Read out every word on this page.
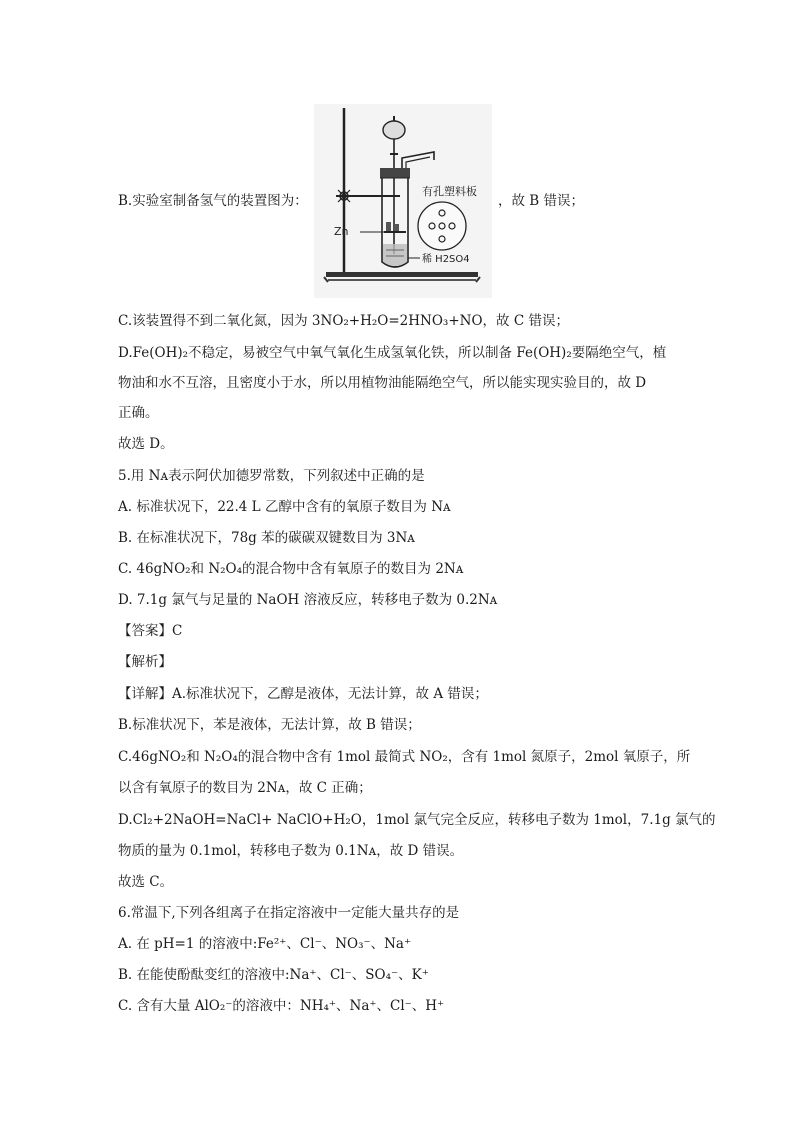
B.实验室制备氢气的装置图为：	，故 B 错误；
有孔塑料板
Zn
稀 H2SO4
C.该装置得不到二氧化氮，因为 3NO₂+H₂O=2HNO₃+NO，故 C 错误；
D.Fe(OH)₂不稳定，易被空气中氧气氧化生成氢氧化铁，所以制备 Fe(OH)₂要隔绝空气，植
物油和水不互溶，且密度小于水，所以用植物油能隔绝空气，所以能实现实验目的，故 D
正确。
故选 D。
5.用 Nᴀ表示阿伏加德罗常数，下列叙述中正确的是
A. 标准状况下，22.4 L 乙醇中含有的氧原子数目为 Nᴀ
B. 在标准状况下，78g 苯的碳碳双键数目为 3Nᴀ
C. 46gNO₂和 N₂O₄的混合物中含有氧原子的数目为 2Nᴀ
D. 7.1g 氯气与足量的 NaOH 溶液反应，转移电子数为 0.2Nᴀ
【答案】C
【解析】
【详解】A.标准状况下，乙醇是液体，无法计算，故 A 错误；
B.标准状况下，苯是液体，无法计算，故 B 错误；
C.46gNO₂和 N₂O₄的混合物中含有 1mol 最简式 NO₂，含有 1mol 氮原子，2mol 氧原子，所
以含有氧原子的数目为 2Nᴀ，故 C 正确；
D.Cl₂+2NaOH=NaCl+ NaClO+H₂O，1mol 氯气完全反应，转移电子数为 1mol，7.1g 氯气的
物质的量为 0.1mol，转移电子数为 0.1Nᴀ，故 D 错误。
故选 C。
6.常温下,下列各组离子在指定溶液中一定能大量共存的是
A. 在 pH=1 的溶液中:Fe²⁺、Cl⁻、NO₃⁻、Na⁺
B. 在能使酚酞变红的溶液中:Na⁺、Cl⁻、SO₄⁻、K⁺
C. 含有大量 AlO₂⁻的溶液中：NH₄⁺、Na⁺、Cl⁻、H⁺
